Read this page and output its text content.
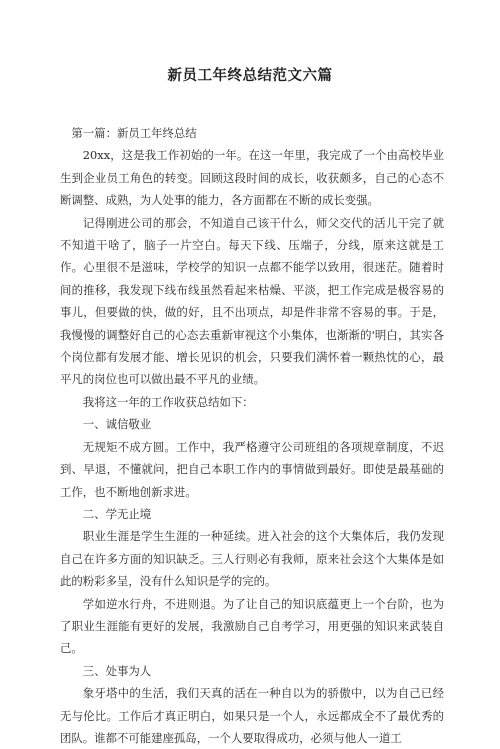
新员工年终总结范文六篇

第一篇：新员工年终总结

20xx，这是我工作初始的一年。在这一年里，我完成了一个由高校毕业生到企业员工角色的转变。回顾这段时间的成长，收获颇多，自己的心态不断调整、成熟，为人处事的能力，各方面都在不断的成长变强。

记得刚进公司的那会，不知道自己该干什么，师父交代的活儿干完了就不知道干啥了，脑子一片空白。每天下线、压端子，分线，原来这就是工作。心里很不是滋味，学校学的知识一点都不能学以致用，很迷茫。随着时间的推移，我发现下线布线虽然看起来枯燥、平淡，把工作完成是极容易的事儿，但要做的快，做的好，且不出项点，却是件非常不容易的事。于是，我慢慢的调整好自己的心态去重新审视这个小集体，也渐渐的'明白，其实各个岗位都有发展才能、增长见识的机会，只要我们满怀着一颗热忱的心，最平凡的岗位也可以做出最不平凡的业绩。

我将这一年的工作收获总结如下：

一、诚信敬业

无规矩不成方圆。工作中，我严格遵守公司班组的各项规章制度，不迟到、早退，不懂就问，把自己本职工作内的事情做到最好。即使是最基础的工作，也不断地创新求进。

二、学无止境

职业生涯是学生生涯的一种延续。进入社会的这个大集体后，我仍发现自己在许多方面的知识缺乏。三人行则必有我师，原来社会这个大集体是如此的粉彩多呈，没有什么知识是学的完的。

学如逆水行舟，不进则退。为了让自己的知识底蕴更上一个台阶，也为了职业生涯能有更好的发展，我激励自己自考学习，用更强的知识来武装自己。

三、处事为人

象牙塔中的生活，我们天真的活在一种自以为的骄傲中，以为自己已经无与伦比。工作后才真正明白，如果只是一个人，永远都成全不了最优秀的团队。谁都不可能建座孤岛，一个人要取得成功，必须与他人一道工
